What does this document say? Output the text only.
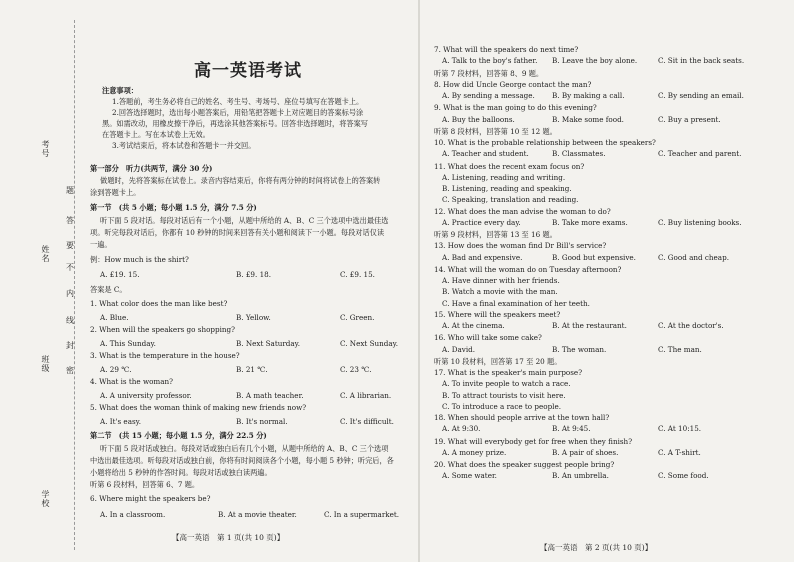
考号
姓名
班级
学校
题
答
要
不
内
线
封
密
高一英语考试
注意事项：
1.答题前，考生务必将自己的姓名、考生号、考场号、座位号填写在答题卡上。
2.回答选择题时，选出每小题答案后，用铅笔把答题卡上对应题目的答案标号涂
黑。如需改动，用橡皮擦干净后，再选涂其他答案标号。回答非选择题时，将答案写
在答题卡上。写在本试卷上无效。
3.考试结束后，将本试卷和答题卡一并交回。
第一部分　听力(共两节，满分 30 分)
做题时，先将答案标在试卷上。录音内容结束后，你将有两分钟的时间将试卷上的答案转
涂到答题卡上。
第一节　(共 5 小题；每小题 1.5 分，满分 7.5 分)
听下面 5 段对话。每段对话后有一个小题，从题中所给的 A、B、C 三个选项中选出最佳选
项。听完每段对话后，你都有 10 秒钟的时间来回答有关小题和阅读下一小题。每段对话仅读
一遍。
例：How much is the shirt?
A. £19. 15.	B. £9. 18.	C. £9. 15.
答案是 C。
1. What color does the man like best?
A. Blue.	B. Yellow.	C. Green.
2. When will the speakers go shopping?
A. This Sunday.	B. Next Saturday.	C. Next Sunday.
3. What is the temperature in the house?
A. 29 ℃.	B. 21 ℃.	C. 23 ℃.
4. What is the woman?
A. A university professor.	B. A math teacher.	C. A librarian.
5. What does the woman think of making new friends now?
A. It's easy.	B. It's normal.	C. It's difficult.
第二节　(共 15 小题；每小题 1.5 分，满分 22.5 分)
听下面 5 段对话或独白。每段对话或独白后有几个小题，从题中所给的 A、B、C 三个选项
中选出最佳选项。听每段对话或独白前，你将有时间阅读各个小题，每小题 5 秒钟；听完后，各
小题将给出 5 秒钟的作答时间。每段对话或独白读两遍。
听第 6 段材料，回答第 6、7 题。
6. Where might the speakers be?
A. In a classroom.	B. At a movie theater.	C. In a supermarket.
【高一英语　第 1 页(共 10 页)】
7. What will the speakers do next time?
A. Talk to the boy's father. B. Leave the boy alone.	C. Sit in the back seats.
听第 7 段材料，回答第 8、9 题。
8. How did Uncle George contact the man?
A. By sending a message. B. By making a call.	C. By sending an email.
9. What is the man going to do this evening?
A. Buy the balloons.	B. Make some food.	C. Buy a present.
听第 8 段材料，回答第 10 至 12 题。
10. What is the probable relationship between the speakers?
A. Teacher and student.	B. Classmates.	C. Teacher and parent.
11. What does the recent exam focus on?
A. Listening, reading and writing.
B. Listening, reading and speaking.
C. Speaking, translation and reading.
12. What does the man advise the woman to do?
A. Practice every day.	B. Take more exams.	C. Buy listening books.
听第 9 段材料，回答第 13 至 16 题。
13. How does the woman find Dr Bill's service?
A. Bad and expensive.	B. Good but expensive.	C. Good and cheap.
14. What will the woman do on Tuesday afternoon?
A. Have dinner with her friends.
B. Watch a movie with the man.
C. Have a final examination of her teeth.
15. Where will the speakers meet?
A. At the cinema.	B. At the restaurant.	C. At the doctor's.
16. Who will take some cake?
A. David.	B. The woman.	C. The man.
听第 10 段材料，回答第 17 至 20 题。
17. What is the speaker's main purpose?
A. To invite people to watch a race.
B. To attract tourists to visit here.
C. To introduce a race to people.
18. When should people arrive at the town hall?
A. At 9:30.	B. At 9:45.	C. At 10:15.
19. What will everybody get for free when they finish?
A. A money prize.	B. A pair of shoes.	C. A T-shirt.
20. What does the speaker suggest people bring?
A. Some water.	B. An umbrella.	C. Some food.
【高一英语　第 2 页(共 10 页)】
